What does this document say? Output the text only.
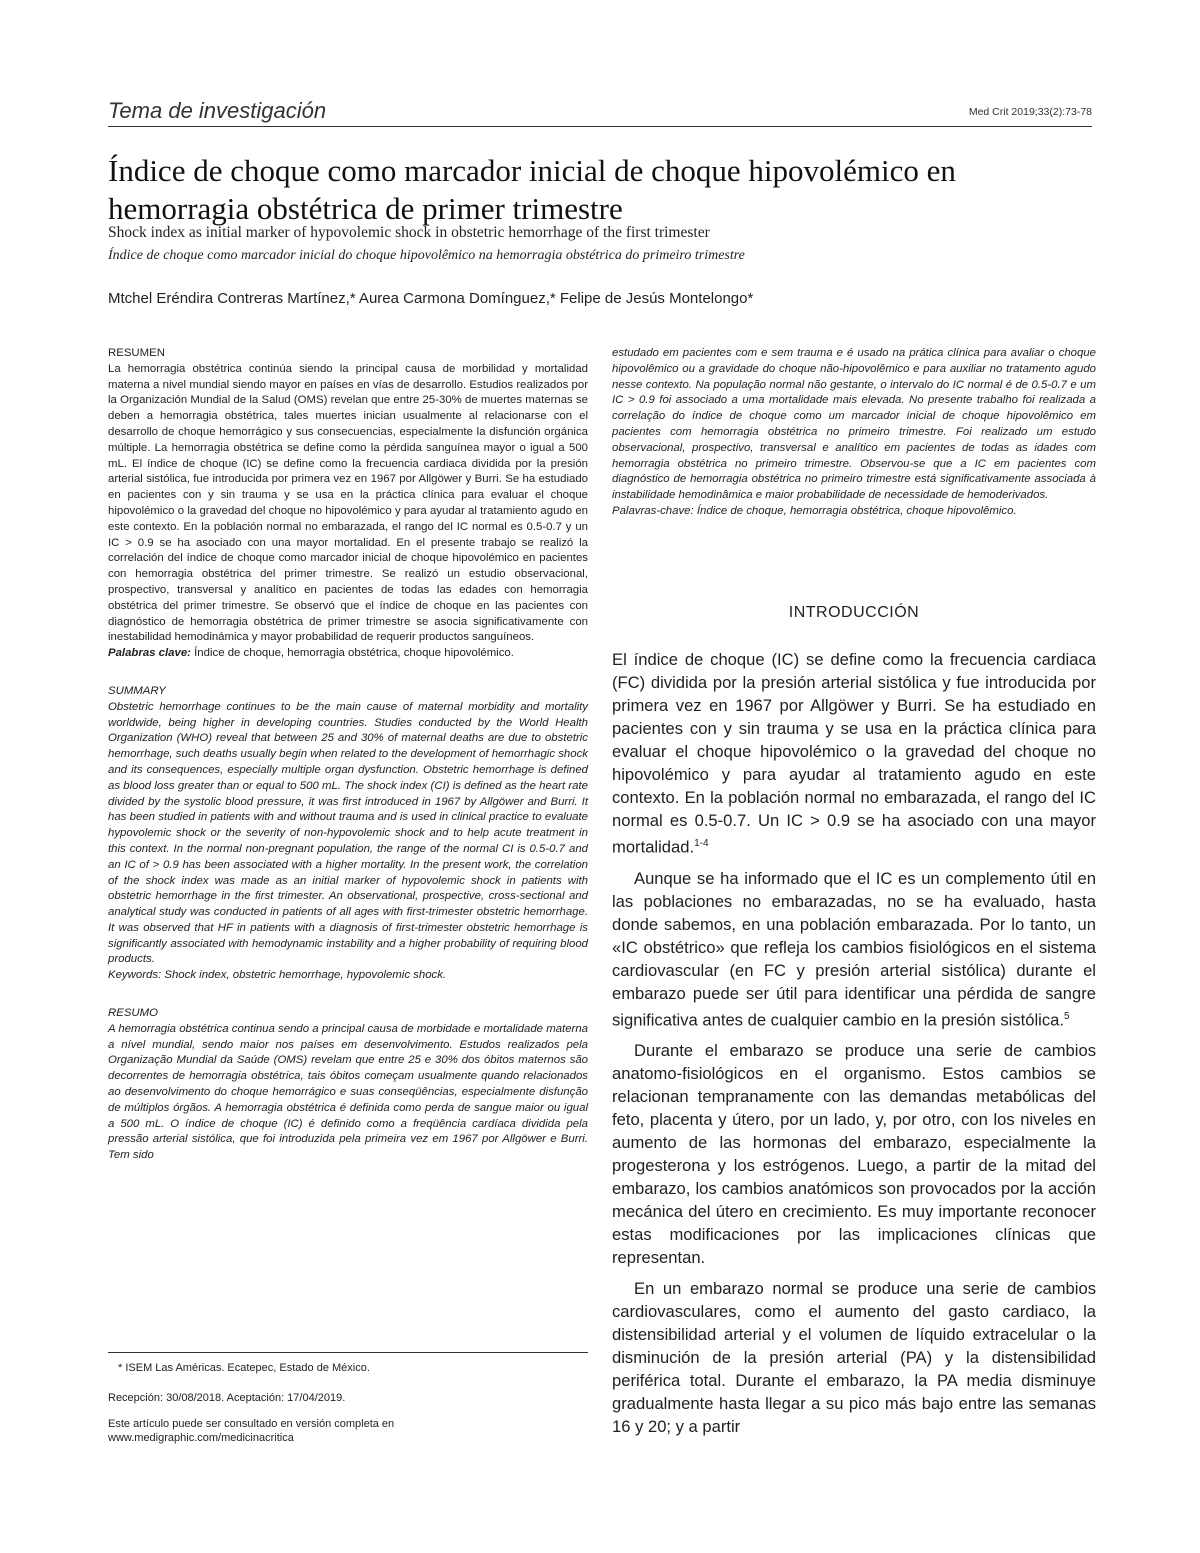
Tema de investigación	Med Crit 2019;33(2):73-78
Índice de choque como marcador inicial de choque hipovolémico en hemorragia obstétrica de primer trimestre
Shock index as initial marker of hypovolemic shock in obstetric hemorrhage of the first trimester
Índice de choque como marcador inicial do choque hipovolêmico na hemorragia obstétrica do primeiro trimestre
Mtchel Eréndira Contreras Martínez,* Aurea Carmona Domínguez,* Felipe de Jesús Montelongo*
RESUMEN

La hemorragia obstétrica continúa siendo la principal causa de morbilidad y mortalidad materna a nivel mundial siendo mayor en países en vías de desarrollo. Estudios realizados por la Organización Mundial de la Salud (OMS) revelan que entre 25-30% de muertes maternas se deben a hemorragia obstétrica, tales muertes inician usualmente al relacionarse con el desarrollo de choque hemorrágico y sus consecuencias, especialmente la disfunción orgánica múltiple. La hemorragia obstétrica se define como la pérdida sanguínea mayor o igual a 500 mL. El índice de choque (IC) se define como la frecuencia cardiaca dividida por la presión arterial sistólica, fue introducida por primera vez en 1967 por Allgöwer y Burri. Se ha estudiado en pacientes con y sin trauma y se usa en la práctica clínica para evaluar el choque hipovolémico o la gravedad del choque no hipovolémico y para ayudar al tratamiento agudo en este contexto. En la población normal no embarazada, el rango del IC normal es 0.5-0.7 y un IC > 0.9 se ha asociado con una mayor mortalidad. En el presente trabajo se realizó la correlación del índice de choque como marcador inicial de choque hipovolémico en pacientes con hemorragia obstétrica del primer trimestre. Se realizó un estudio observacional, prospectivo, transversal y analítico en pacientes de todas las edades con hemorragia obstétrica del primer trimestre. Se observó que el índice de choque en las pacientes con diagnóstico de hemorragia obstétrica de primer trimestre se asocia significativamente con inestabilidad hemodinámica y mayor probabilidad de requerir productos sanguíneos.

Palabras clave: Índice de choque, hemorragia obstétrica, choque hipovolémico.

SUMMARY

Obstetric hemorrhage continues to be the main cause of maternal morbidity and mortality worldwide, being higher in developing countries. Studies conducted by the World Health Organization (WHO) reveal that between 25 and 30% of maternal deaths are due to obstetric hemorrhage, such deaths usually begin when related to the development of hemorrhagic shock and its consequences, especially multiple organ dysfunction. Obstetric hemorrhage is defined as blood loss greater than or equal to 500 mL. The shock index (CI) is defined as the heart rate divided by the systolic blood pressure, it was first introduced in 1967 by Allgöwer and Burri. It has been studied in patients with and without trauma and is used in clinical practice to evaluate hypovolemic shock or the severity of non-hypovolemic shock and to help acute treatment in this context. In the normal non-pregnant population, the range of the normal CI is 0.5-0.7 and an IC of > 0.9 has been associated with a higher mortality. In the present work, the correlation of the shock index was made as an initial marker of hypovolemic shock in patients with obstetric hemorrhage in the first trimester. An observational, prospective, cross-sectional and analytical study was conducted in patients of all ages with first-trimester obstetric hemorrhage. It was observed that HF in patients with a diagnosis of first-trimester obstetric hemorrhage is significantly associated with hemodynamic instability and a higher probability of requiring blood products.

Keywords: Shock index, obstetric hemorrhage, hypovolemic shock.

RESUMO

A hemorragia obstétrica continua sendo a principal causa de morbidade e mortalidade materna a nível mundial, sendo maior nos países em desenvolvimento. Estudos realizados pela Organização Mundial da Saúde (OMS) revelam que entre 25 e 30% dos óbitos maternos são decorrentes de hemorragia obstétrica, tais óbitos começam usualmente quando relacionados ao desenvolvimento do choque hemorrágico e suas conseqüências, especialmente disfunção de múltiplos órgãos. A hemorragia obstétrica é definida como perda de sangue maior ou igual a 500 mL. O índice de choque (IC) é definido como a freqüência cardíaca dividida pela pressão arterial sistólica, que foi introduzida pela primeira vez em 1967 por Allgöwer e Burri. Tem sido

* ISEM Las Américas. Ecatepec, Estado de México.
Recepción: 30/08/2018. Aceptación: 17/04/2019.
Este artículo puede ser consultado en versión completa en
www.medigraphic.com/medicinacritica

estudado em pacientes com e sem trauma e é usado na prática clínica para avaliar o choque hipovolêmico ou a gravidade do choque não-hipovolêmico e para auxiliar no tratamento agudo nesse contexto. Na população normal não gestante, o intervalo do IC normal é de 0.5-0.7 e um IC > 0.9 foi associado a uma mortalidade mais elevada. No presente trabalho foi realizada a correlação do índice de choque como um marcador inicial de choque hipovolêmico em pacientes com hemorragia obstétrica no primeiro trimestre. Foi realizado um estudo observacional, prospectivo, transversal e analítico em pacientes de todas as idades com hemorragia obstétrica no primeiro trimestre. Observou-se que a IC em pacientes com diagnóstico de hemorragia obstétrica no primeiro trimestre está significativamente associada à instabilidade hemodinâmica e maior probabilidade de necessidade de hemoderivados.

Palavras-chave: Índice de choque, hemorragia obstétrica, choque hipovolêmico.

INTRODUCCIÓN

El índice de choque (IC) se define como la frecuencia cardiaca (FC) dividida por la presión arterial sistólica y fue introducida por primera vez en 1967 por Allgöwer y Burri. Se ha estudiado en pacientes con y sin trauma y se usa en la práctica clínica para evaluar el choque hipovolémico o la gravedad del choque no hipovolémico y para ayudar al tratamiento agudo en este contexto. En la población normal no embarazada, el rango del IC normal es 0.5-0.7. Un IC > 0.9 se ha asociado con una mayor mortalidad.$^{1-4}$

Aunque se ha informado que el IC es un complemento útil en las poblaciones no embarazadas, no se ha evaluado, hasta donde sabemos, en una población embarazada. Por lo tanto, un «IC obstétrico» que refleja los cambios fisiológicos en el sistema cardiovascular (en FC y presión arterial sistólica) durante el embarazo puede ser útil para identificar una pérdida de sangre significativa antes de cualquier cambio en la presión sistólica.$^5$

Durante el embarazo se produce una serie de cambios anatomo-fisiológicos en el organismo. Estos cambios se relacionan tempranamente con las demandas metabólicas del feto, placenta y útero, por un lado, y, por otro, con los niveles en aumento de las hormonas del embarazo, especialmente la progesterona y los estrógenos. Luego, a partir de la mitad del embarazo, los cambios anatómicos son provocados por la acción mecánica del útero en crecimiento. Es muy importante reconocer estas modificaciones por las implicaciones clínicas que representan.

En un embarazo normal se produce una serie de cambios cardiovasculares, como el aumento del gasto cardiaco, la distensibilidad arterial y el volumen de líquido extracelular o la disminución de la presión arterial (PA) y la distensibilidad periférica total. Durante el embarazo, la PA media disminuye gradualmente hasta llegar a su pico más bajo entre las semanas 16 y 20; y a partir
